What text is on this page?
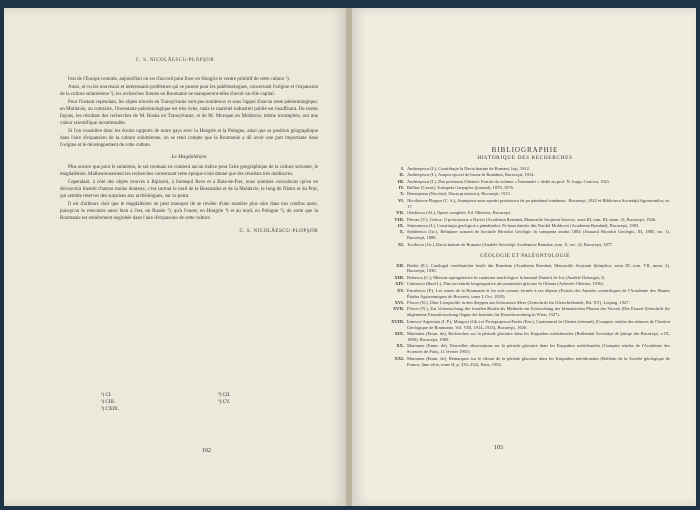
C. S. NICOLĂESCU-PLOPŞOR

l'est de l'Europe centrale, aujourd'hui on est d'accord pour fixer en Hongrie le centre primitif de cette culture ¹).

Aussi, et vu les nouveaux et intéressants problèmes qui se posent pour les paléthnologues, concernant l'origine et l'expansion de la culture solutréenne ²), les recherches futures en Roumanie ne manqueront-elles d'avoir un rôle capital.

Pour l'instant cependant, les objets trouvés en Transylvanie sont peu nombreux et sans l'appui d'aucun reste paléontologique; en Moldavie, au contraire, l'inventaire paléontologique est très riche, mais le matériel industriel publié est insuffisant. De toutes façons, les résultats des recherches de M. Roska en Transylvanie, et de M. Moroşan en Moldavie, même incomplets, ont une valeur scientifique incontestable.

Si l'on considère donc les étroits rapports de notre pays avec la Hongrie et la Pologne, ainsi que sa position géographique dans l'aire d'expansion de la culture solutréenne, on se rend compte que la Roumanie a dû avoir une part importante dans l'origine et le développement de cette culture.

Le Magdalénien

Plus encore que pour le solutréen, le sol roumain ne contient aucun indice pour l'aire géographique de la culture suivante, le magdalénien. Malheureusement les recherches concernant cette époque n'ont donné que des résultats très médiocres.

Cependant, à côté des objets trouvés à Ripiceni, à Someşul Rece et à Baia-de-Fier, nous sommes convaincus qu'on en découvrira bientôt d'autres moins douteux; c'est surtout le nord de la Bessarabie et de la Moldavie, le long du Nistru et du Prut, qui semble réserver des surprises aux archéologues, sur ce point.

Il est d'ailleurs clair que le magdalénien ne peut manquer de se révéler d'une manière plus sûre dans nos confins aussi, puisqu'on le rencontre aussi bien à l'est, en Russie ³), qu'à l'ouest, en Hongrie ⁴) et au nord, en Pologne ⁵), de sorte que la Roumanie est entièrement englobée dans l'aire d'expansion de cette culture.

C. S. NICOLĂESCU-PLOPŞOR
¹) CI.
²) CIII.
³) CXIX.
⁴) CII.
⁵) CV.
102
BIBLIOGRAPHIE
HISTORIQUE DES RECHERCHES
I. Andrieşescu (I.), Contribuţie la Dacia înainte de Romani, Iaşi, 1912.
II. Andrieşescu (I.), Asupra epocei de bronz în România, Bucureşti, 1914.
III. Andrieşescu (I.), Din preistoria Olteniei. Extrait du volume « Însemnări » dedié au prof. N. Iorga, Craiova, 1921.
IV. Bolliac (Cezar), Trompeta Carpaţilor (journal), 1870–1876.
V. Densuşianu (Nicolae), Dacia preistorică, Bucureşti, 1913.
VI. Nicolăescu-Plopşor (C. S.), Anunţarea unor aşezări preistorice de pe pământul românesc. Bucureşti, 1922 et Biblioteca Societăţii Agronomilor, nr. 17.
VII. Odobescu (Al.), Opere complete. Ed. Minerva, Bucureşti.
VIII. Pârvan (V.), Getica. O protoistorie a Daciei (Academia Română, Memoriile Secţiunii Istorice, seria III, tom. III, mem. 2), Bucureşti, 1926.
IX. Simionescu (I.), Constituţia geologică a pământului. Pe baza datelor din Nordul Moldovei (Academia Română), Bucureşti, 1903.
X. Stefănescu (Gr.), Relaţiune sumară de lucrările Biroului Geologic în campania anului 1882 (Anuarul Biroului Geologic, III, 1885, no. 1), Bucureşti, 1888.
XI. Tocilescu (Gr.), Dacia înainte de Romani (Analele Societăţii Academice Române, tom. X, sec. 2), Bucureşti, 1877.
GÉOLOGIE ET PALÉONTOLOGIE
XII. Bodea (E.), Catalogul vertebratelor fosile din România (Academia Română, Memoriile Secţiunii Ştiinţifice, seria III, tom. VII, mem. 2), Bucureşti, 1930.
XIII. Brătescu (C.), Miezuri epirogenetice în cuaternar morfologice la bazinul Dunării de Jos (Analele Dobrogei, I).
XIV. Calinescu (Raul I.), Din cercetările biogeografice ale peninsulei glaciare în Oltenia (Arhivele Olteniei, 1936).
XV. Enculescu (P.), Les zones de la Roumanie et les sols connus formés à ses dépens (Extrait des Annales scientifiques de l'Académie des Hautes Études Agronomiques de Bucarest, tome I, Oct. 1929).
XVI. Florov (N.), Über Lössprofile in den Steppen am Schwarzen Meer (Zeitschrift für Gletscherkunde, Bd. XV), Leipzig, 1927.
XVII. Florov (N.), Zur Untersuchung der fossilen Boden als Methode zur Erforschung der klimatischen Phasen der Vorzeit (Die Eiszeit Zeitschrift für allgemeine Eiszeitforschung Organ des Instituts für Eiszeitforschung in Wien, 1927).
XVIII. Ionescu-Argetoaia (I. P.), Murgoci (Gh.) et Protopopescu-Pache (Em.), Cuaternarul în Oltenia (résumé), (Comptes rendus des séances de l'Institut Géologique de Roumanie, Vol. VIII, 1914–1915), Bucureşti, 1920.
XIX. Martonne (Emm. de), Recherches sur la période glaciaire dans les Karpathes méridionales (Bulletinul Societăţii de Ştiinţe din Bucureşti, a IX, 1900), Bucureşti, 1900.
XX. Martonne (Emm. de), Nouvelles observations sur la période glaciaire dans les Karpathes méridionales (Comptes rendus de l'Académie des Sciences de Paris, 11 février 1901).
XXI. Martonne (Emm. de), Remarques sur le climat de la période glaciaire dans les Karpathes méridionales (Bulletin de la Société géologique de France, 4me série, tome II, p. 330–332), Paris, 1902.
103
